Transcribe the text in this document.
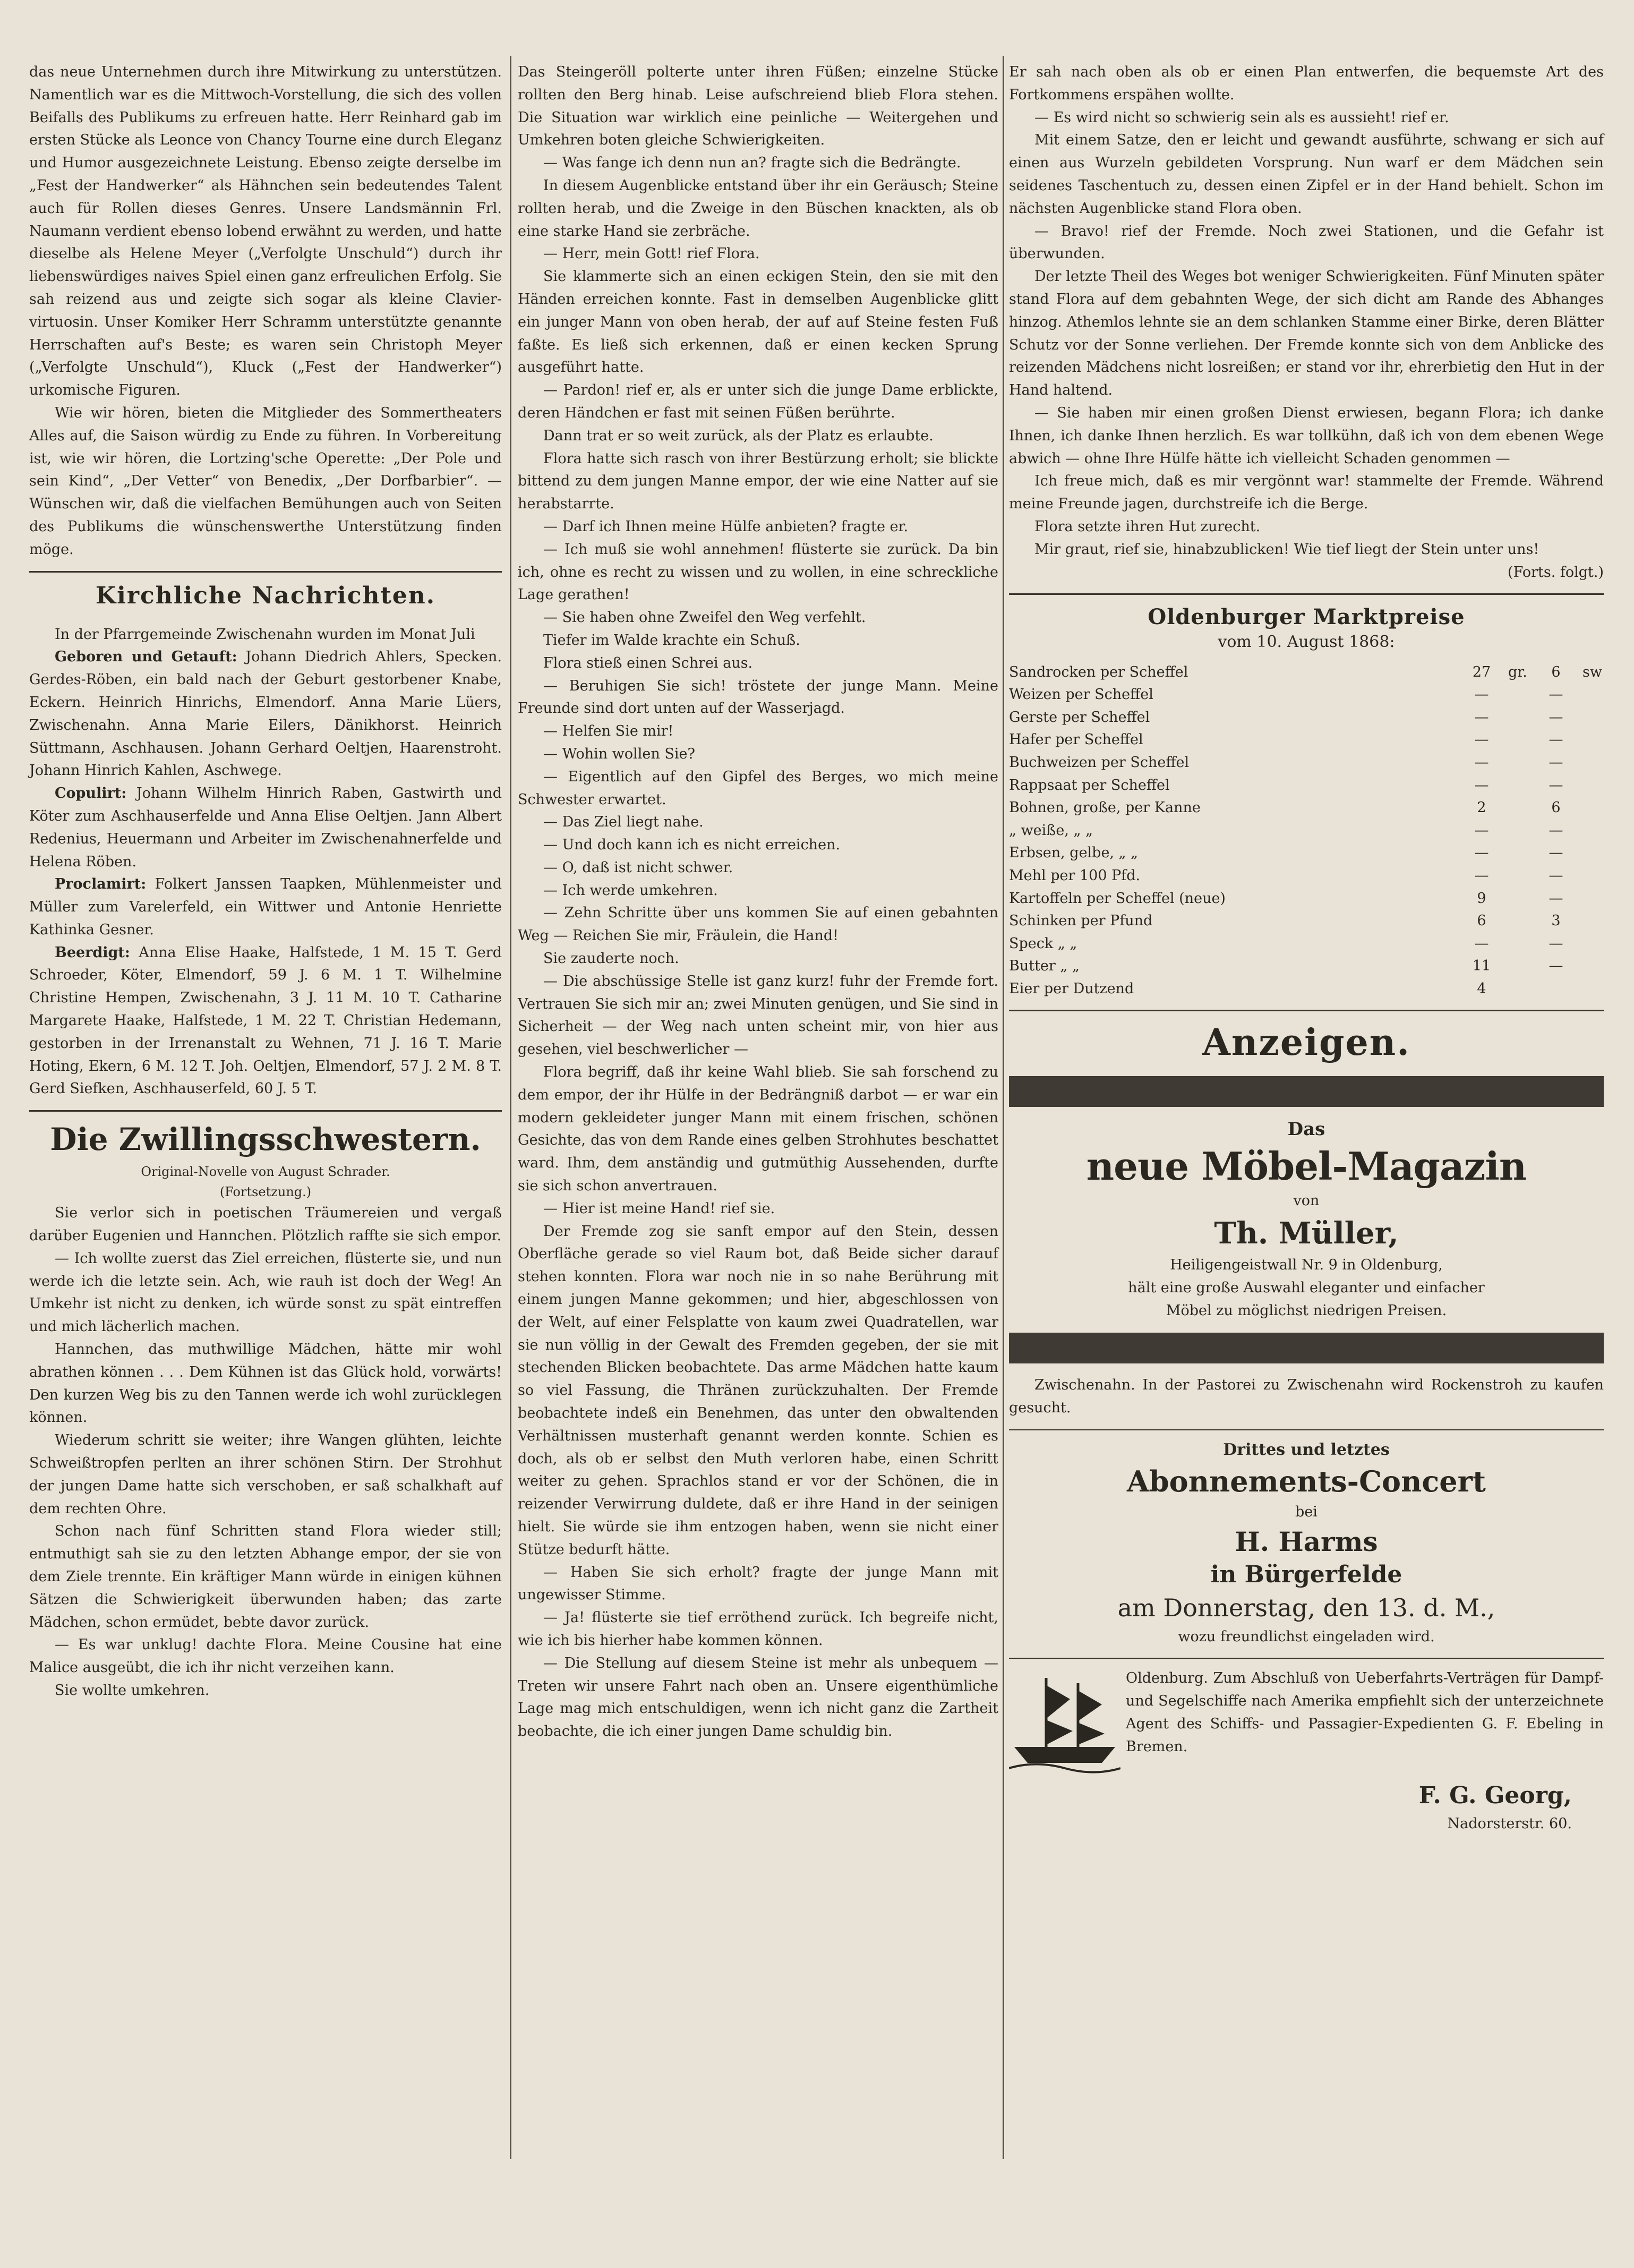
das neue Unternehmen durch ihre Mitwirkung zu unterstützen. Namentlich war es die Mittwoch-Vorstellung, die sich des vollen Beifalls des Publikums zu erfreuen hatte. Herr Reinhard gab im ersten Stücke als Leonce von Chancy Tourne eine durch Eleganz und Humor ausgezeichnete Leistung. Ebenso zeigte derselbe im „Fest der Handwerker“ als Hähnchen sein bedeutendes Talent auch für Rollen dieses Genres. Unsere Landsmännin Frl. Naumann verdient ebenso lobend erwähnt zu werden, und hatte dieselbe als Helene Meyer („Verfolgte Unschuld“) durch ihr liebenswürdiges naives Spiel einen ganz erfreulichen Erfolg. Sie sah reizend aus und zeigte sich sogar als kleine Claviervirtuosin. Unser Komiker Herr Schramm unterstützte genannte Herrschaften auf's Beste; es waren sein Christoph Meyer („Verfolgte Unschuld“), Kluck („Fest der Handwerker“) urkomische Figuren.

Wie wir hören, bieten die Mitglieder des Sommertheaters Alles auf, die Saison würdig zu Ende zu führen. In Vorbereitung ist, wie wir hören, die Lortzing'sche Operette: „Der Pole und sein Kind“, „Der Vetter“ von Benedix, „Der Dorfbarbier“. — Wünschen wir, daß die vielfachen Bemühungen auch von Seiten des Publikums die wünschenswerthe Unterstützung finden möge.

Kirchliche Nachrichten.

In der Pfarrgemeinde Zwischenahn wurden im Monat Juli

Geboren und Getauft: Johann Diedrich Ahlers, Specken. Gerdes-Röben, ein bald nach der Geburt gestorbener Knabe, Eckern. Heinrich Hinrichs, Elmendorf. Anna Marie Lüers, Zwischenahn. Anna Marie Eilers, Dänikhorst. Heinrich Süttmann, Aschhausen. Johann Gerhard Oeltjen, Haarenstroht. Johann Hinrich Kahlen, Aschwege.

Copulirt: Johann Wilhelm Hinrich Raben, Gastwirth und Köter zum Aschhauserfelde und Anna Elise Oeltjen. Jann Albert Redenius, Heuermann und Arbeiter im Zwischenahnerfelde und Helena Röben.

Proclamirt: Folkert Janssen Taapken, Mühlenmeister und Müller zum Varelerfeld, ein Wittwer und Antonie Henriette Kathinka Gesner.

Beerdigt: Anna Elise Haake, Halfstede, 1 M. 15 T. Gerd Schroeder, Köter, Elmendorf, 59 J. 6 M. 1 T. Wilhelmine Christine Hempen, Zwischenahn, 3 J. 11 M. 10 T. Catharine Margarete Haake, Halfstede, 1 M. 22 T. Christian Hedemann, gestorben in der Irrenanstalt zu Wehnen, 71 J. 16 T. Marie Hoting, Ekern, 6 M. 12 T. Joh. Oeltjen, Elmendorf, 57 J. 2 M. 8 T. Gerd Siefken, Aschhauserfeld, 60 J. 5 T.

Die Zwillingsschwestern.

Original-Novelle von August Schrader.

(Fortsetzung.)

Sie verlor sich in poetischen Träumereien und vergaß darüber Eugenien und Hannchen. Plötzlich raffte sie sich empor.

— Ich wollte zuerst das Ziel erreichen, flüsterte sie, und nun werde ich die letzte sein. Ach, wie rauh ist doch der Weg! An Umkehr ist nicht zu denken, ich würde sonst zu spät eintreffen und mich lächerlich machen.

Hannchen, das muthwillige Mädchen, hätte mir wohl abrathen können . . . Dem Kühnen ist das Glück hold, vorwärts! Den kurzen Weg bis zu den Tannen werde ich wohl zurücklegen können.

Wiederum schritt sie weiter; ihre Wangen glühten, leichte Schweißtropfen perlten an ihrer schönen Stirn. Der Strohhut der jungen Dame hatte sich verschoben, er saß schalkhaft auf dem rechten Ohre.

Schon nach fünf Schritten stand Flora wieder still; entmuthigt sah sie zu den letzten Abhange empor, der sie von dem Ziele trennte. Ein kräftiger Mann würde in einigen kühnen Sätzen die Schwierigkeit überwunden haben; das zarte Mädchen, schon ermüdet, bebte davor zurück.

— Es war unklug! dachte Flora. Meine Cousine hat eine Malice ausgeübt, die ich ihr nicht verzeihen kann.

Sie wollte umkehren.

Das Steingeröll polterte unter ihren Füßen; einzelne Stücke rollten den Berg hinab. Leise aufschreiend blieb Flora stehen. Die Situation war wirklich eine peinliche — Weitergehen und Umkehren boten gleiche Schwierigkeiten.

— Was fange ich denn nun an? fragte sich die Bedrängte.

In diesem Augenblicke entstand über ihr ein Geräusch; Steine rollten herab, und die Zweige in den Büschen knackten, als ob eine starke Hand sie zerbräche.

— Herr, mein Gott! rief Flora.

Sie klammerte sich an einen eckigen Stein, den sie mit den Händen erreichen konnte. Fast in demselben Augenblicke glitt ein junger Mann von oben herab, der auf auf Steine festen Fuß faßte. Es ließ sich erkennen, daß er einen kecken Sprung ausgeführt hatte.

— Pardon! rief er, als er unter sich die junge Dame erblickte, deren Händchen er fast mit seinen Füßen berührte.

Dann trat er so weit zurück, als der Platz es erlaubte.

Flora hatte sich rasch von ihrer Bestürzung erholt; sie blickte bittend zu dem jungen Manne empor, der wie eine Natter auf sie herabstarrte.

— Darf ich Ihnen meine Hülfe anbieten? fragte er.

— Ich muß sie wohl annehmen! flüsterte sie zurück. Da bin ich, ohne es recht zu wissen und zu wollen, in eine schreckliche Lage gerathen!

— Sie haben ohne Zweifel den Weg verfehlt.

Tiefer im Walde krachte ein Schuß.

Flora stieß einen Schrei aus.

— Beruhigen Sie sich! tröstete der junge Mann. Meine Freunde sind dort unten auf der Wasserjagd.

— Helfen Sie mir!

— Wohin wollen Sie?

— Eigentlich auf den Gipfel des Berges, wo mich meine Schwester erwartet.

— Das Ziel liegt nahe.

— Und doch kann ich es nicht erreichen.

— O, daß ist nicht schwer.

— Ich werde umkehren.

— Zehn Schritte über uns kommen Sie auf einen gebahnten Weg — Reichen Sie mir, Fräulein, die Hand!

Sie zauderte noch.

— Die abschüssige Stelle ist ganz kurz! fuhr der Fremde fort. Vertrauen Sie sich mir an; zwei Minuten genügen, und Sie sind in Sicherheit — der Weg nach unten scheint mir, von hier aus gesehen, viel beschwerlicher —

Flora begriff, daß ihr keine Wahl blieb. Sie sah forschend zu dem empor, der ihr Hülfe in der Bedrängniß darbot — er war ein modern gekleideter junger Mann mit einem frischen, schönen Gesichte, das von dem Rande eines gelben Strohhutes beschattet ward. Ihm, dem anständig und gutmüthig Aussehenden, durfte sie sich schon anvertrauen.

— Hier ist meine Hand! rief sie.

Der Fremde zog sie sanft empor auf den Stein, dessen Oberfläche gerade so viel Raum bot, daß Beide sicher darauf stehen konnten. Flora war noch nie in so nahe Berührung mit einem jungen Manne gekommen; und hier, abgeschlossen von der Welt, auf einer Felsplatte von kaum zwei Quadratellen, war sie nun völlig in der Gewalt des Fremden gegeben, der sie mit stechenden Blicken beobachtete. Das arme Mädchen hatte kaum so viel Fassung, die Thränen zurückzuhalten. Der Fremde beobachtete indeß ein Benehmen, das unter den obwaltenden Verhältnissen musterhaft genannt werden konnte. Schien es doch, als ob er selbst den Muth verloren habe, einen Schritt weiter zu gehen. Sprachlos stand er vor der Schönen, die in reizender Verwirrung duldete, daß er ihre Hand in der seinigen hielt. Sie würde sie ihm entzogen haben, wenn sie nicht einer Stütze bedurft hätte.

— Haben Sie sich erholt? fragte der junge Mann mit ungewisser Stimme.

— Ja! flüsterte sie tief erröthend zurück. Ich begreife nicht, wie ich bis hierher habe kommen können.

— Die Stellung auf diesem Steine ist mehr als unbequem — Treten wir unsere Fahrt nach oben an. Unsere eigenthümliche Lage mag mich entschuldigen, wenn ich nicht ganz die Zartheit beobachte, die ich einer jungen Dame schuldig bin.

Er sah nach oben als ob er einen Plan entwerfen, die bequemste Art des Fortkommens erspähen wollte.

— Es wird nicht so schwierig sein als es aussieht! rief er.

Mit einem Satze, den er leicht und gewandt ausführte, schwang er sich auf einen aus Wurzeln gebildeten Vorsprung. Nun warf er dem Mädchen sein seidenes Taschentuch zu, dessen einen Zipfel er in der Hand behielt. Schon im nächsten Augenblicke stand Flora oben.

— Bravo! rief der Fremde. Noch zwei Stationen, und die Gefahr ist überwunden.

Der letzte Theil des Weges bot weniger Schwierigkeiten. Fünf Minuten später stand Flora auf dem gebahnten Wege, der sich dicht am Rande des Abhanges hinzog. Athemlos lehnte sie an dem schlanken Stamme einer Birke, deren Blätter Schutz vor der Sonne verliehen. Der Fremde konnte sich von dem Anblicke des reizenden Mädchens nicht losreißen; er stand vor ihr, ehrerbietig den Hut in der Hand haltend.

— Sie haben mir einen großen Dienst erwiesen, begann Flora; ich danke Ihnen, ich danke Ihnen herzlich. Es war tollkühn, daß ich von dem ebenen Wege abwich — ohne Ihre Hülfe hätte ich vielleicht Schaden genommen —

Ich freue mich, daß es mir vergönnt war! stammelte der Fremde. Während meine Freunde jagen, durchstreife ich die Berge.

Flora setzte ihren Hut zurecht.

Mir graut, rief sie, hinabzublicken! Wie tief liegt der Stein unter uns!

(Forts. folgt.)

Oldenburger Marktpreise
vom 10. August 1868:
Sandrocken per Scheffel	27	gr.	6	sw
Weizen per Scheffel	—		—	
Gerste per Scheffel	—		—	
Hafer per Scheffel	—		—	
Buchweizen per Scheffel	—		—	
Rappsaat per Scheffel	—		—	
Bohnen, große, per Kanne	2		6	
„ weiße, „ „	—		—	
Erbsen, gelbe, „ „	—		—	
Mehl per 100 Pfd.	—		—	
Kartoffeln per Scheffel (neue)	9		—	
Schinken per Pfund	6		3	
Speck „ „	—		—	
Butter „ „	11		—	
Eier per Dutzend	4			
Anzeigen.
Das
neue Möbel-Magazin

von

Th. Müller,

Heiligengeistwall Nr. 9 in Oldenburg,

hält eine große Auswahl eleganter und einfacher

Möbel zu möglichst niedrigen Preisen.

Zwischenahn. In der Pastorei zu Zwischenahn wird Rockenstroh zu kaufen gesucht.

Drittes und letztes

Abonnements-Concert

bei

H. Harms
in Bürgerfelde
am Donnerstag, den 13. d. M.,

wozu freundlichst eingeladen wird.

Oldenburg. Zum Abschluß von Ueberfahrts-Verträgen für Dampf- und Segelschiffe nach Amerika empfiehlt sich der unterzeichnete Agent des Schiffs- und Passagier-Expedienten G. F. Ebeling in Bremen.

F. G. Georg,

Nadorsterstr. 60.
